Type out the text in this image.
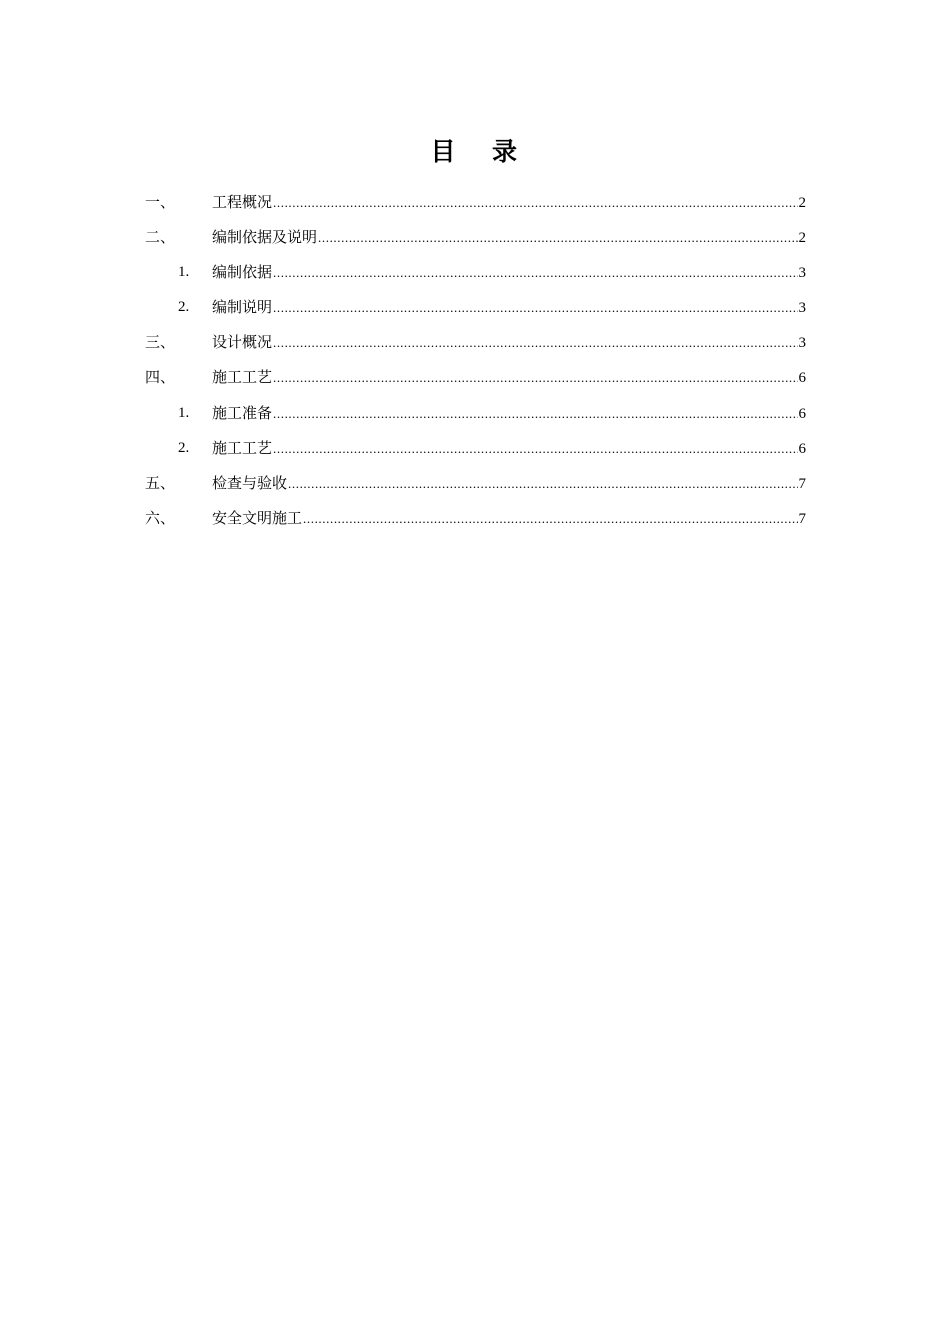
目 录
一、 工程概况 .....	2
二、 编制依据及说明 .....	2
1. 编制依据 .....	3
2. 编制说明 .....	3
三、 设计概况 .....	3
四、 施工工艺 .....	6
1. 施工准备 .....	6
2. 施工工艺 .....	6
五、 检查与验收 .....	7
六、 安全文明施工 .....	7
